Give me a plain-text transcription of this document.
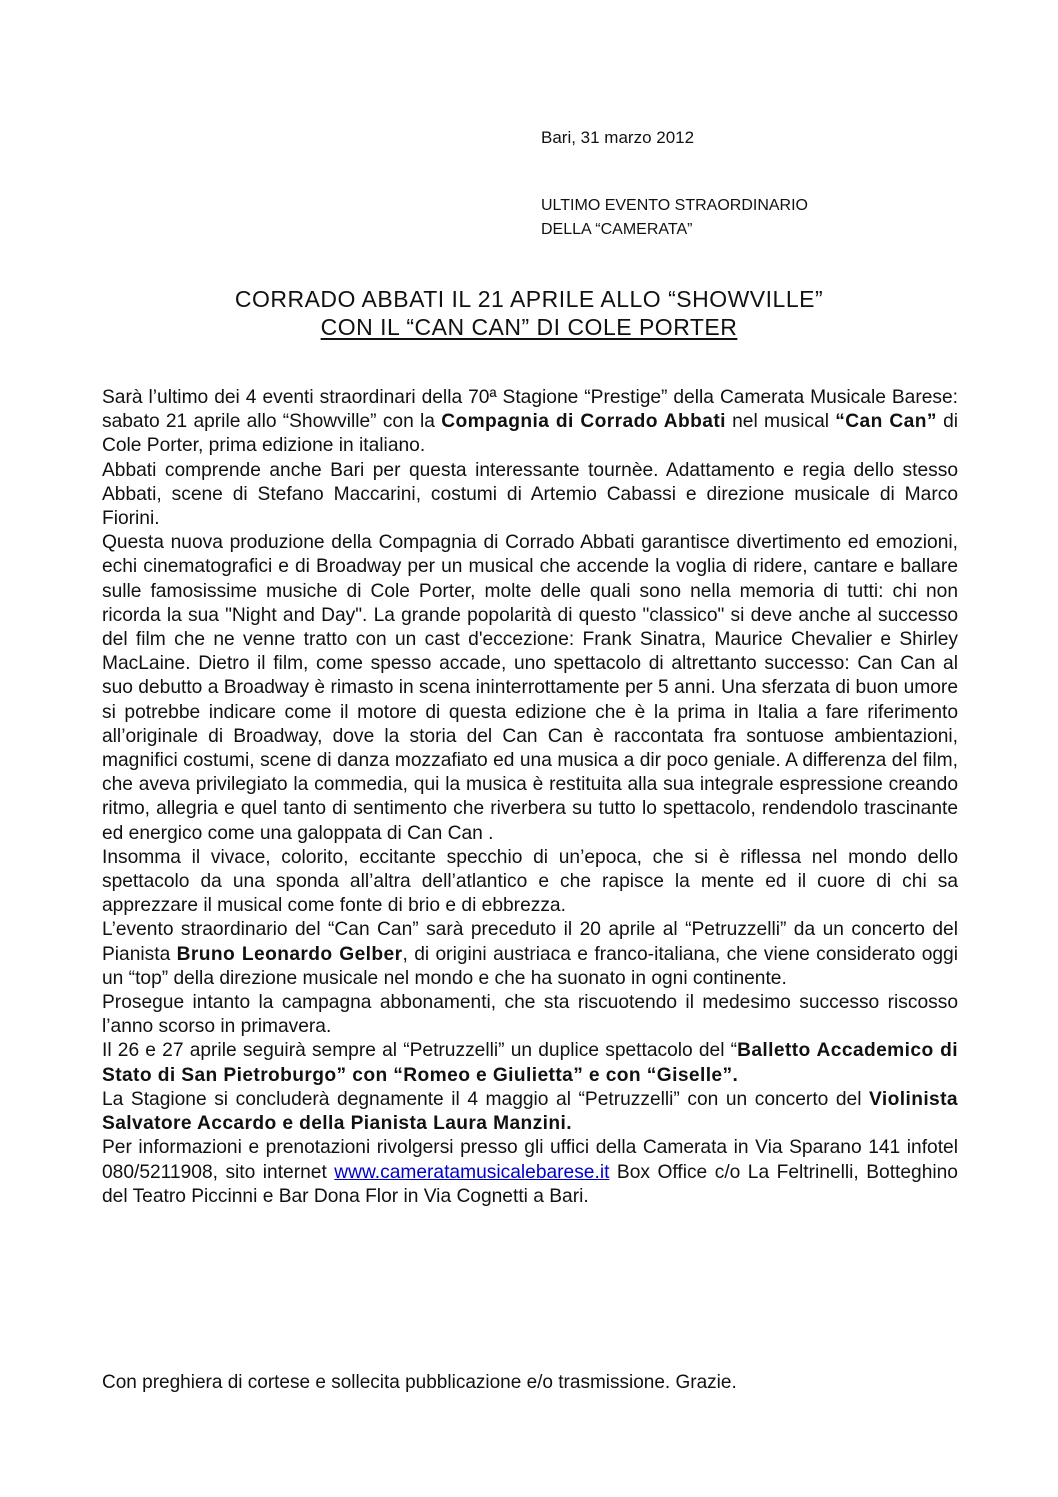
Bari, 31 marzo 2012
ULTIMO EVENTO STRAORDINARIO
DELLA “CAMERATA”
CORRADO ABBATI IL 21 APRILE ALLO “SHOWVILLE”
CON IL “CAN CAN” DI COLE PORTER

Sarà l’ultimo dei 4 eventi straordinari della 70ª Stagione “Prestige” della Camerata Musicale Barese: sabato 21 aprile allo “Showville” con la Compagnia di Corrado Abbati nel musical “Can Can” di Cole Porter, prima edizione in italiano.

Abbati comprende anche Bari per questa interessante tournèe. Adattamento e regia dello stesso Abbati, scene di Stefano Maccarini, costumi di Artemio Cabassi e direzione musicale di Marco Fiorini.

Questa nuova produzione della Compagnia di Corrado Abbati garantisce divertimento ed emozioni, echi cinematografici e di Broadway per un musical che accende la voglia di ridere, cantare e ballare sulle famosissime musiche di Cole Porter, molte delle quali sono nella memoria di tutti: chi non ricorda la sua "Night and Day". La grande popolarità di questo "classico" si deve anche al successo del film che ne venne tratto con un cast d'eccezione: Frank Sinatra, Maurice Chevalier e Shirley MacLaine. Dietro il film, come spesso accade, uno spettacolo di altrettanto successo: Can Can al suo debutto a Broadway è rimasto in scena ininterrottamente per 5 anni. Una sferzata di buon umore si potrebbe indicare come il motore di questa edizione che è la prima in Italia a fare riferimento all’originale di Broadway, dove la storia del Can Can è raccontata fra sontuose ambientazioni, magnifici costumi, scene di danza mozzafiato ed una musica a dir poco geniale. A differenza del film, che aveva privilegiato la commedia, qui la musica è restituita alla sua integrale espressione creando ritmo, allegria e quel tanto di sentimento che riverbera su tutto lo spettacolo, rendendolo trascinante ed energico come una galoppata di Can Can .

Insomma il vivace, colorito, eccitante specchio di un’epoca, che si è riflessa nel mondo dello spettacolo da una sponda all’altra dell’atlantico e che rapisce la mente ed il cuore di chi sa apprezzare il musical come fonte di brio e di ebbrezza.

L’evento straordinario del “Can Can” sarà preceduto il 20 aprile al “Petruzzelli” da un concerto del Pianista Bruno Leonardo Gelber, di origini austriaca e franco-italiana, che viene considerato oggi un “top” della direzione musicale nel mondo e che ha suonato in ogni continente.

Prosegue intanto la campagna abbonamenti, che sta riscuotendo il medesimo successo riscosso l’anno scorso in primavera.

Il 26 e 27 aprile seguirà sempre al “Petruzzelli” un duplice spettacolo del “Balletto Accademico di Stato di San Pietroburgo” con “Romeo e Giulietta” e con “Giselle”.

La Stagione si concluderà degnamente il 4 maggio al “Petruzzelli” con un concerto del Violinista Salvatore Accardo e della Pianista Laura Manzini.

Per informazioni e prenotazioni rivolgersi presso gli uffici della Camerata in Via Sparano 141 infotel 080/5211908, sito internet www.cameratamusicalebarese.it Box Office c/o La Feltrinelli, Botteghino del Teatro Piccinni e Bar Dona Flor in Via Cognetti a Bari.

Con preghiera di cortese e sollecita pubblicazione e/o trasmissione. Grazie.
